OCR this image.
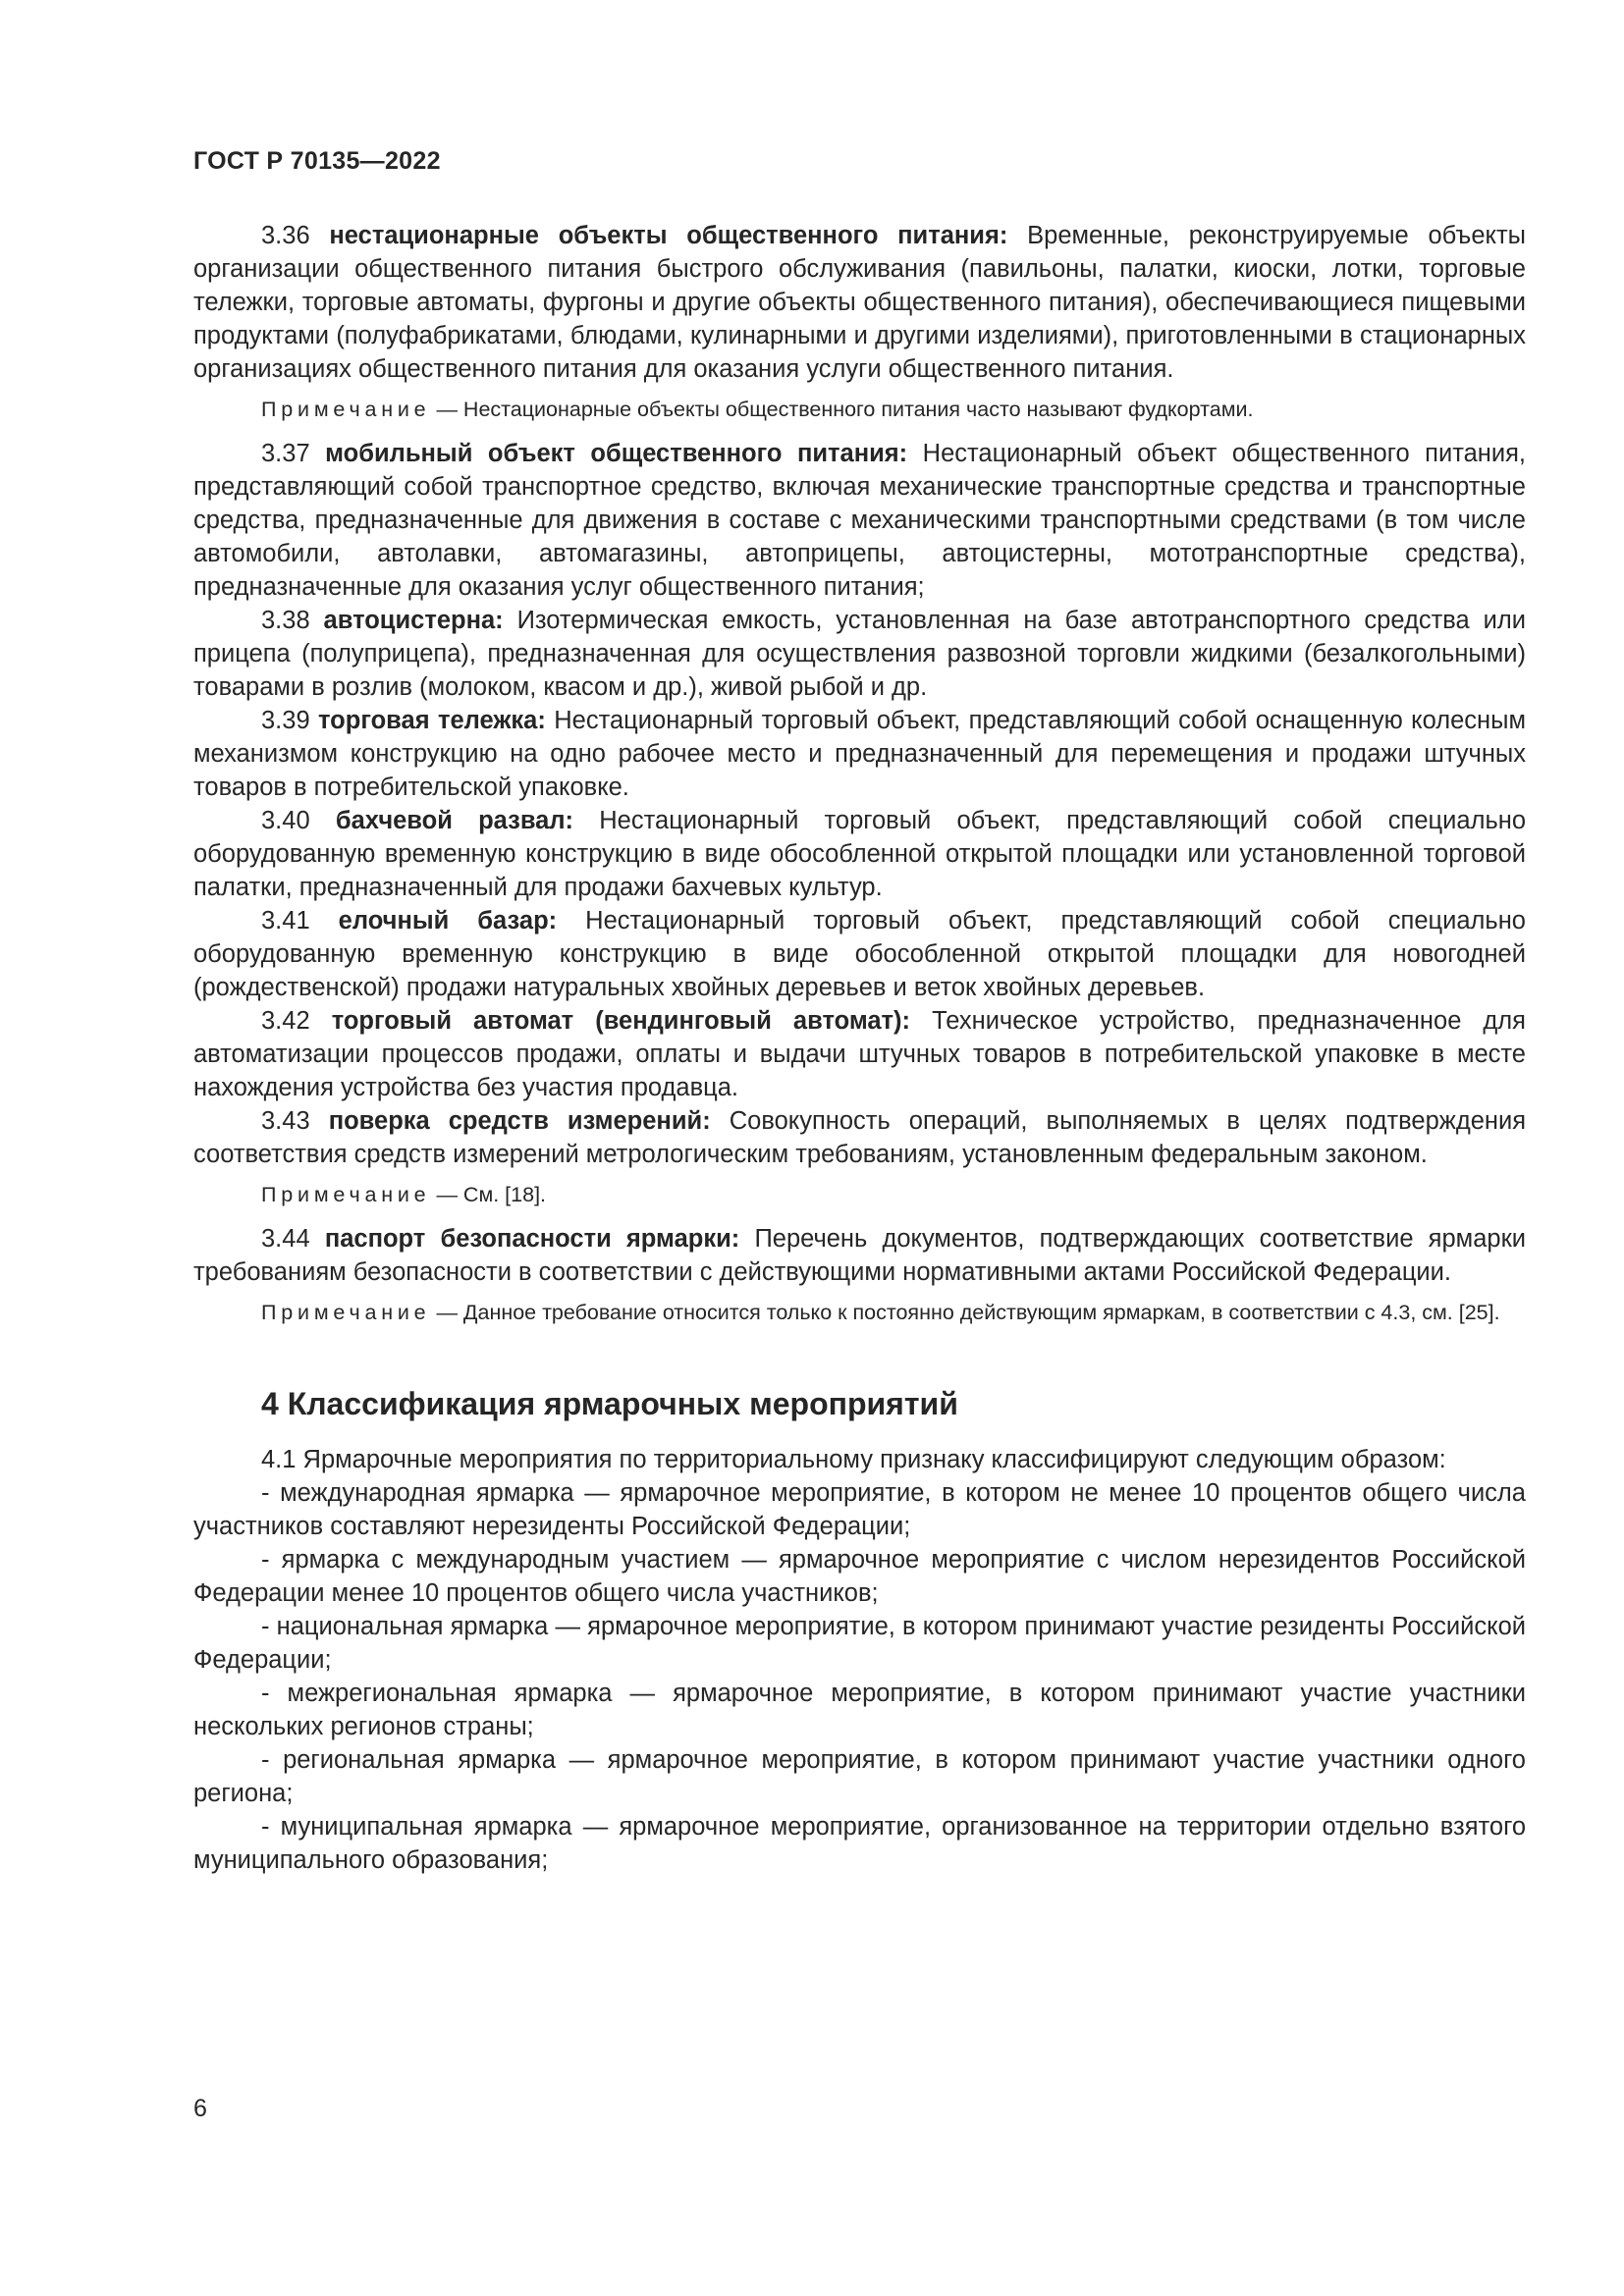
ГОСТ Р 70135—2022

3.36 нестационарные объекты общественного питания: Временные, реконструируемые объекты организации общественного питания быстрого обслуживания (павильоны, палатки, киоски, лотки, торговые тележки, торговые автоматы, фургоны и другие объекты общественного питания), обеспечивающиеся пищевыми продуктами (полуфабрикатами, блюдами, кулинарными и другими изделиями), приготовленными в стационарных организациях общественного питания для оказания услуги общественного питания.

Примечание — Нестационарные объекты общественного питания часто называют фудкортами.

3.37 мобильный объект общественного питания: Нестационарный объект общественного питания, представляющий собой транспортное средство, включая механические транспортные средства и транспортные средства, предназначенные для движения в составе с механическими транспортными средствами (в том числе автомобили, автолавки, автомагазины, автоприцепы, автоцистерны, мототранспортные средства), предназначенные для оказания услуг общественного питания;

3.38 автоцистерна: Изотермическая емкость, установленная на базе автотранспортного средства или прицепа (полуприцепа), предназначенная для осуществления развозной торговли жидкими (безалкогольными) товарами в розлив (молоком, квасом и др.), живой рыбой и др.

3.39 торговая тележка: Нестационарный торговый объект, представляющий собой оснащенную колесным механизмом конструкцию на одно рабочее место и предназначенный для перемещения и продажи штучных товаров в потребительской упаковке.

3.40 бахчевой развал: Нестационарный торговый объект, представляющий собой специально оборудованную временную конструкцию в виде обособленной открытой площадки или установленной торговой палатки, предназначенный для продажи бахчевых культур.

3.41 елочный базар: Нестационарный торговый объект, представляющий собой специально оборудованную временную конструкцию в виде обособленной открытой площадки для новогодней (рождественской) продажи натуральных хвойных деревьев и веток хвойных деревьев.

3.42 торговый автомат (вендинговый автомат): Техническое устройство, предназначенное для автоматизации процессов продажи, оплаты и выдачи штучных товаров в потребительской упаковке в месте нахождения устройства без участия продавца.

3.43 поверка средств измерений: Совокупность операций, выполняемых в целях подтверждения соответствия средств измерений метрологическим требованиям, установленным федеральным законом.

Примечание — См. [18].

3.44 паспорт безопасности ярмарки: Перечень документов, подтверждающих соответствие ярмарки требованиям безопасности в соответствии с действующими нормативными актами Российской Федерации.

Примечание — Данное требование относится только к постоянно действующим ярмаркам, в соответствии с 4.3, см. [25].

4 Классификация ярмарочных мероприятий

4.1 Ярмарочные мероприятия по территориальному признаку классифицируют следующим образом:

- международная ярмарка — ярмарочное мероприятие, в котором не менее 10 процентов общего числа участников составляют нерезиденты Российской Федерации;

- ярмарка с международным участием — ярмарочное мероприятие с числом нерезидентов Российской Федерации менее 10 процентов общего числа участников;

- национальная ярмарка — ярмарочное мероприятие, в котором принимают участие резиденты Российской Федерации;

- межрегиональная ярмарка — ярмарочное мероприятие, в котором принимают участие участники нескольких регионов страны;

- региональная ярмарка — ярмарочное мероприятие, в котором принимают участие участники одного региона;

- муниципальная ярмарка — ярмарочное мероприятие, организованное на территории отдельно взятого муниципального образования;

6
